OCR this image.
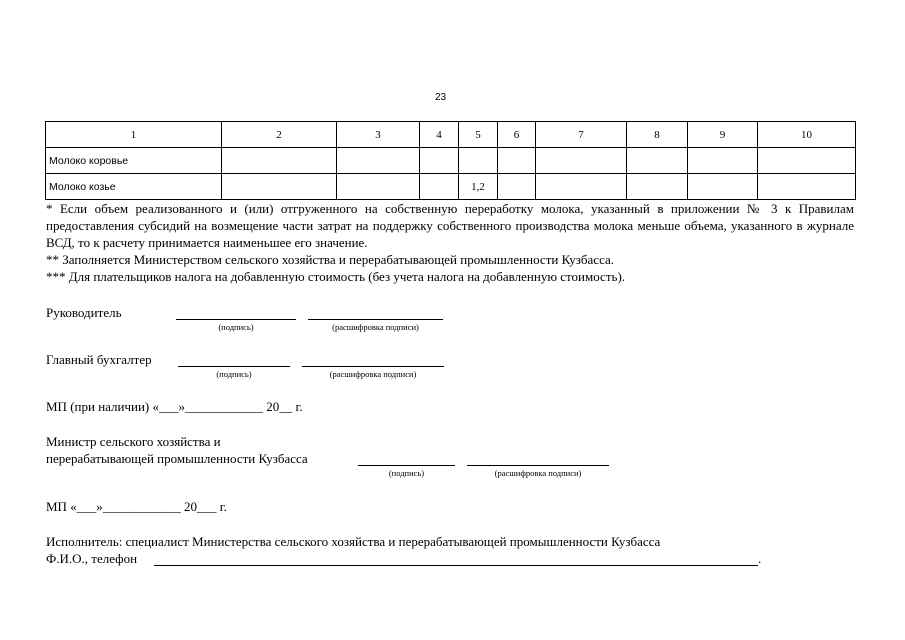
23
1	2	3	4	5	6	7	8	9	10
Молоко коровье									
Молоко козье				1,2					

* Если объем реализованного и (или) отгруженного на собственную переработку молока, указанный в приложении № 3 к Правилам предоставления субсидий на возмещение части затрат на поддержку собственного производства молока меньше объема, указанного в журнале ВСД, то к расчету принимается наименьшее его значение.

** Заполняется Министерством сельского хозяйства и перерабатывающей промышленности Кузбасса.

*** Для плательщиков налога на добавленную стоимость (без учета налога на добавленную стоимость).

Руководитель
(подпись)	(расшифровка подписи)
Главный бухгалтер
(подпись)	(расшифровка подписи)
МП (при наличии) «___»____________ 20__ г.
Министр сельского хозяйства и
перерабатывающей промышленности Кузбасса
(подпись)	(расшифровка подписи)
МП «___»____________ 20___ г.
Исполнитель: специалист Министерства сельского хозяйства и перерабатывающей промышленности Кузбасса
Ф.И.О., телефон	.
